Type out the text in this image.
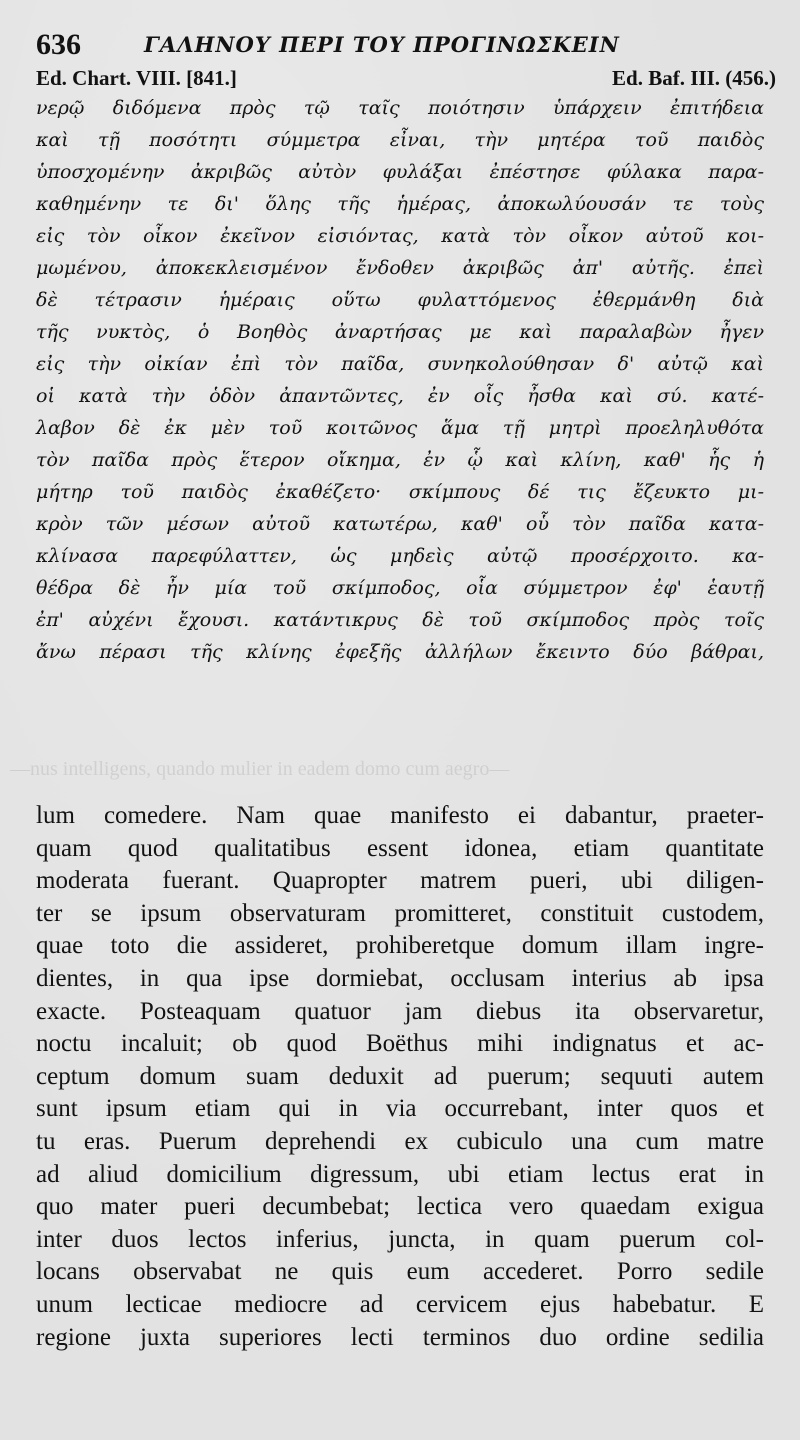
636	ΓΑΛΗΝΟΥ ΠΕΡΙ ΤΟΥ ΠΡΟΓΙΝΩΣΚΕΙΝ
Ed. Chart. VIII. [841.]	Ed. Baf. III. (456.)
νερῷ διδόμενα πρὸς τῷ ταῖς ποιότησιν ὑπάρχειν ἐπιτήδεια
καὶ τῇ ποσότητι σύμμετρα εἶναι, τὴν μητέρα τοῦ παιδὸς
ὑποσχομένην ἀκριβῶς αὐτὸν φυλάξαι ἐπέστησε φύλακα παρα-
καθημένην τε δι' ὅλης τῆς ἡμέρας, ἀποκωλύουσάν τε τοὺς
εἰς τὸν οἶκον ἐκεῖνον εἰσιόντας, κατὰ τὸν οἶκον αὐτοῦ κοι-
μωμένου, ἀποκεκλεισμένον ἔνδοθεν ἀκριβῶς ἀπ' αὐτῆς. ἐπεὶ
δὲ τέτρασιν ἡμέραις οὕτω φυλαττόμενος ἐθερμάνθη διὰ
τῆς νυκτὸς, ὁ Βοηθὸς ἀναρτήσας με καὶ παραλαβὼν ἦγεν
εἰς τὴν οἰκίαν ἐπὶ τὸν παῖδα, συνηκολούθησαν δ' αὐτῷ καὶ
οἱ κατὰ τὴν ὁδὸν ἀπαντῶντες, ἐν οἷς ἦσθα καὶ σύ. κατέ-
λαβον δὲ ἐκ μὲν τοῦ κοιτῶνος ἅμα τῇ μητρὶ προεληλυθότα
τὸν παῖδα πρὸς ἕτερον οἴκημα, ἐν ᾧ καὶ κλίνη, καθ' ἧς ἡ
μήτηρ τοῦ παιδὸς ἐκαθέζετο· σκίμπους δέ τις ἔζευκτο μι-
κρὸν τῶν μέσων αὐτοῦ κατωτέρω, καθ' οὗ τὸν παῖδα κατα-
κλίνασα παρεφύλαττεν, ὡς μηδεὶς αὐτῷ προσέρχοιτο. κα-
θέδρα δὲ ἦν μία τοῦ σκίμποδος, οἷα σύμμετρον ἐφ' ἑαυτῇ
ἐπ' αὐχένι ἔχουσι. κατάντικρυς δὲ τοῦ σκίμποδος πρὸς τοῖς
ἄνω πέρασι τῆς κλίνης ἐφεξῆς ἀλλήλων ἔκειντο δύο βάθραι,
—nus intelligens, quando mulier in eadem domo cum aegro—
lum comedere. Nam quae manifesto ei dabantur, praeter-
quam quod qualitatibus essent idonea, etiam quantitate
moderata fuerant. Quapropter matrem pueri, ubi diligen-
ter se ipsum observaturam promitteret, constituit custodem,
quae toto die assideret, prohiberetque domum illam ingre-
dientes, in qua ipse dormiebat, occlusam interius ab ipsa
exacte. Posteaquam quatuor jam diebus ita observaretur,
noctu incaluit; ob quod Boëthus mihi indignatus et ac-
ceptum domum suam deduxit ad puerum; sequuti autem
sunt ipsum etiam qui in via occurrebant, inter quos et
tu eras. Puerum deprehendi ex cubiculo una cum matre
ad aliud domicilium digressum, ubi etiam lectus erat in
quo mater pueri decumbebat; lectica vero quaedam exigua
inter duos lectos inferius, juncta, in quam puerum col-
locans observabat ne quis eum accederet. Porro sedile
unum lecticae mediocre ad cervicem ejus habebatur. E
regione juxta superiores lecti terminos duo ordine sedilia
